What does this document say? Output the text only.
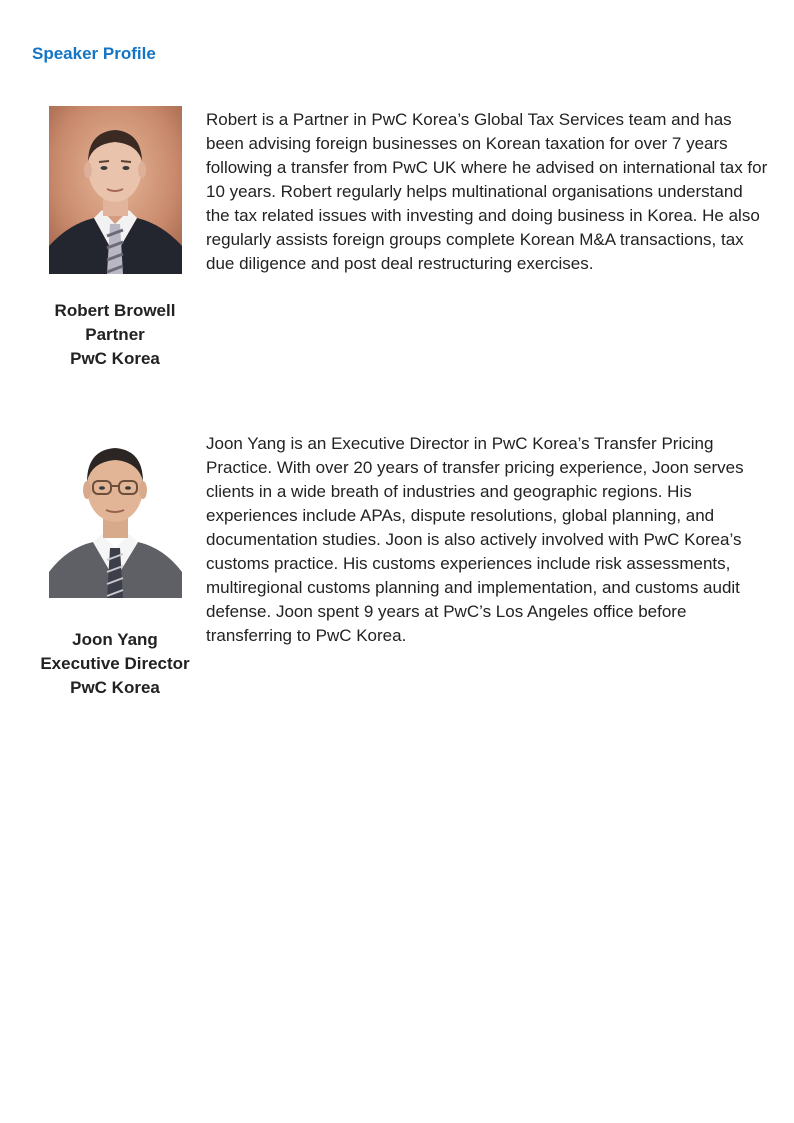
Speaker Profile
Robert Browell
Partner
PwC Korea

Robert is a Partner in PwC Korea’s Global Tax Services team and has been advising foreign businesses on Korean taxation for over 7 years following a transfer from PwC UK where he advised on international tax for 10 years. Robert regularly helps multinational organisations understand the tax related issues with investing and doing business in Korea. He also regularly assists foreign groups complete Korean M&A transactions, tax due diligence and post deal restructuring exercises.

Joon Yang
Executive Director
PwC Korea

Joon Yang is an Executive Director in PwC Korea’s Transfer Pricing Practice. With over 20 years of transfer pricing experience, Joon serves clients in a wide breath of industries and geographic regions. His experiences include APAs, dispute resolutions, global planning, and documentation studies. Joon is also actively involved with PwC Korea’s customs practice. His customs experiences include risk assessments, multiregional customs planning and implementation, and customs audit defense. Joon spent 9 years at PwC’s Los Angeles office before transferring to PwC Korea.
